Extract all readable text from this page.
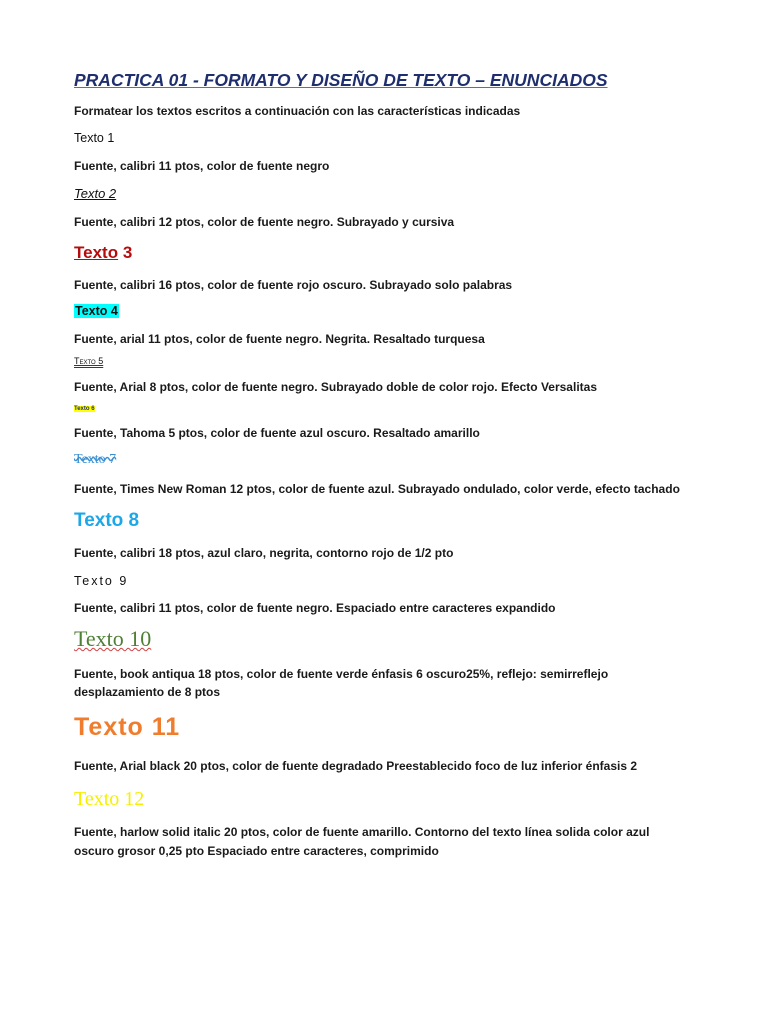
PRACTICA 01 - FORMATO Y DISEÑO DE TEXTO – ENUNCIADOS
Formatear los textos escritos a continuación con las características indicadas
Texto 1
Fuente, calibri 11 ptos, color de fuente negro
Texto 2
Fuente, calibri 12 ptos, color de fuente negro. Subrayado y cursiva
Texto 3
Fuente, calibri 16 ptos, color de fuente rojo oscuro. Subrayado solo palabras
Texto 4
Fuente, arial 11 ptos, color de fuente negro. Negrita. Resaltado turquesa
Texto 5
Fuente, Arial 8 ptos, color de fuente negro. Subrayado doble de color rojo. Efecto Versalitas
Texto 6
Fuente, Tahoma 5 ptos, color de fuente azul oscuro. Resaltado amarillo
Texto 7
Fuente, Times New Roman 12 ptos, color de fuente azul. Subrayado ondulado, color verde, efecto tachado
Texto 8
Fuente, calibri 18 ptos, azul claro, negrita, contorno rojo de 1/2 pto
Texto 9
Fuente, calibri 11 ptos, color de fuente negro. Espaciado entre caracteres expandido
Texto 10
Fuente, book antiqua 18 ptos, color de fuente verde énfasis 6 oscuro25%, reflejo: semirreflejo
desplazamiento de 8 ptos
Texto 11
Fuente, Arial black 20 ptos, color de fuente degradado Preestablecido foco de luz inferior énfasis 2
Texto 12
Fuente, harlow solid italic 20 ptos, color de fuente amarillo. Contorno del texto línea solida color azul
oscuro grosor 0,25 pto Espaciado entre caracteres, comprimido
